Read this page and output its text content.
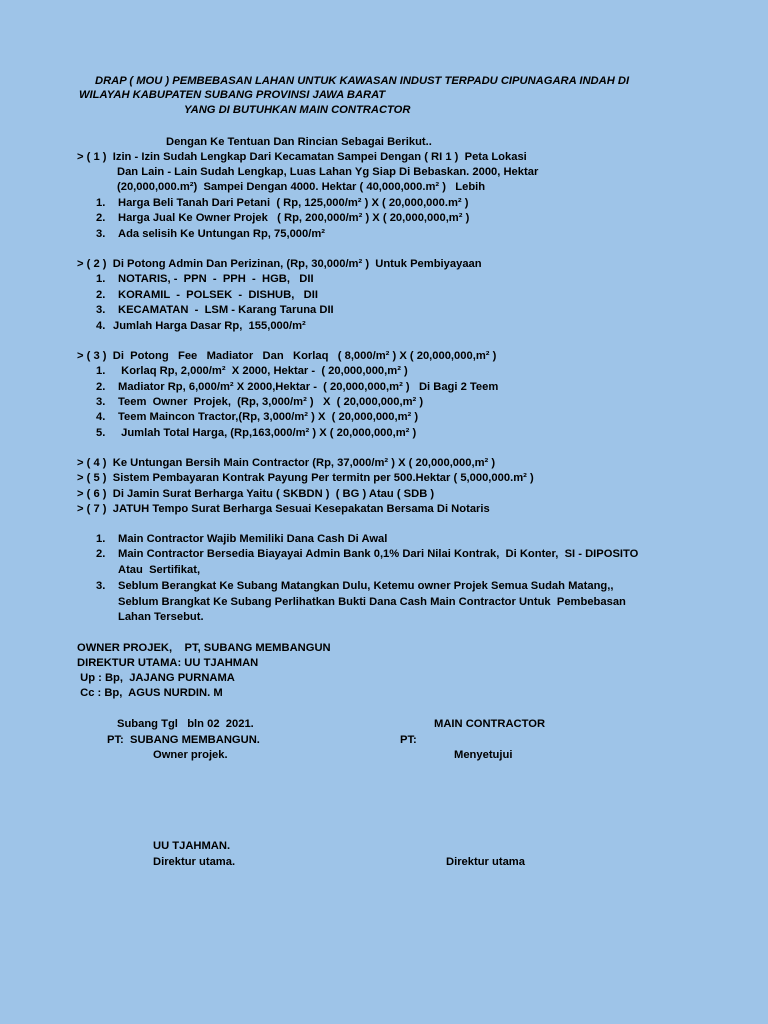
DRAP ( MOU ) PEMBEBASAN LAHAN UNTUK KAWASAN INDUST TERPADU CIPUNAGARA INDAH DI
WILAYAH KABUPATEN SUBANG PROVINSI JAWA BARAT
YANG DI BUTUHKAN MAIN CONTRACTOR
Dengan Ke Tentuan Dan Rincian Sebagai Berikut..
> ( 1 )  Izin - Izin Sudah Lengkap Dari Kecamatan Sampei Dengan ( RI 1 )  Peta Lokasi
Dan Lain - Lain Sudah Lengkap, Luas Lahan Yg Siap Di Bebaskan. 2000, Hektar
(20,000,000.m²)  Sampei Dengan 4000. Hektar ( 40,000,000.m² )   Lebih
1. Harga Beli Tanah Dari Petani  ( Rp, 125,000/m² ) X ( 20,000,000.m² )
2. Harga Jual Ke Owner Projek   ( Rp, 200,000/m² ) X ( 20,000,000,m² )
3. Ada selisih Ke Untungan Rp, 75,000/m²
> ( 2 )  Di Potong Admin Dan Perizinan, (Rp, 30,000/m² )  Untuk Pembiyayaan
1. NOTARIS, -  PPN  -  PPH  -  HGB,   DII
2. KORAMIL  -  POLSEK  -  DISHUB,   DII
3. KECAMATAN  -  LSM - Karang Taruna DII
4. Jumlah Harga Dasar Rp,  155,000/m²
> ( 3 )  Di  Potong   Fee   Madiator   Dan   Korlaq   ( 8,000/m² ) X ( 20,000,000,m² )
1. Korlaq Rp, 2,000/m²  X 2000, Hektar -  ( 20,000,000,m² )
2. Madiator Rp, 6,000/m² X 2000,Hektar -  ( 20,000,000,m² )   Di Bagi 2 Teem
3. Teem  Owner  Projek,  (Rp, 3,000/m² )   X  ( 20,000,000,m² )
4. Teem Maincon Tractor,(Rp, 3,000/m² ) X  ( 20,000,000,m² )
5. Jumlah Total Harga, (Rp,163,000/m² ) X ( 20,000,000,m² )
> ( 4 )  Ke Untungan Bersih Main Contractor (Rp, 37,000/m² ) X ( 20,000,000,m² )
> ( 5 )  Sistem Pembayaran Kontrak Payung Per termitn per 500.Hektar ( 5,000,000.m² )
> ( 6 )  Di Jamin Surat Berharga Yaitu ( SKBDN )  ( BG ) Atau ( SDB )
> ( 7 )  JATUH Tempo Surat Berharga Sesuai Kesepakatan Bersama Di Notaris
1. Main Contractor Wajib Memiliki Dana Cash Di Awal
2. Main Contractor Bersedia Biayayai Admin Bank 0,1% Dari Nilai Kontrak,  Di Konter,  SI - DIPOSITO
Atau  Sertifikat,
3. Seblum Berangkat Ke Subang Matangkan Dulu, Ketemu owner Projek Semua Sudah Matang,,
Seblum Brangkat Ke Subang Perlihatkan Bukti Dana Cash Main Contractor Untuk  Pembebasan
Lahan Tersebut.
OWNER PROJEK,    PT, SUBANG MEMBANGUN
DIREKTUR UTAMA: UU TJAHMAN
Up : Bp,  JAJANG PURNAMA
Cc : Bp,  AGUS NURDIN. M
Subang Tgl   bln 02  2021.	MAIN CONTRACTOR
PT:  SUBANG MEMBANGUN.	PT:
Owner projek.	Menyetujui
UU TJAHMAN.
Direktur utama.	Direktur utama
